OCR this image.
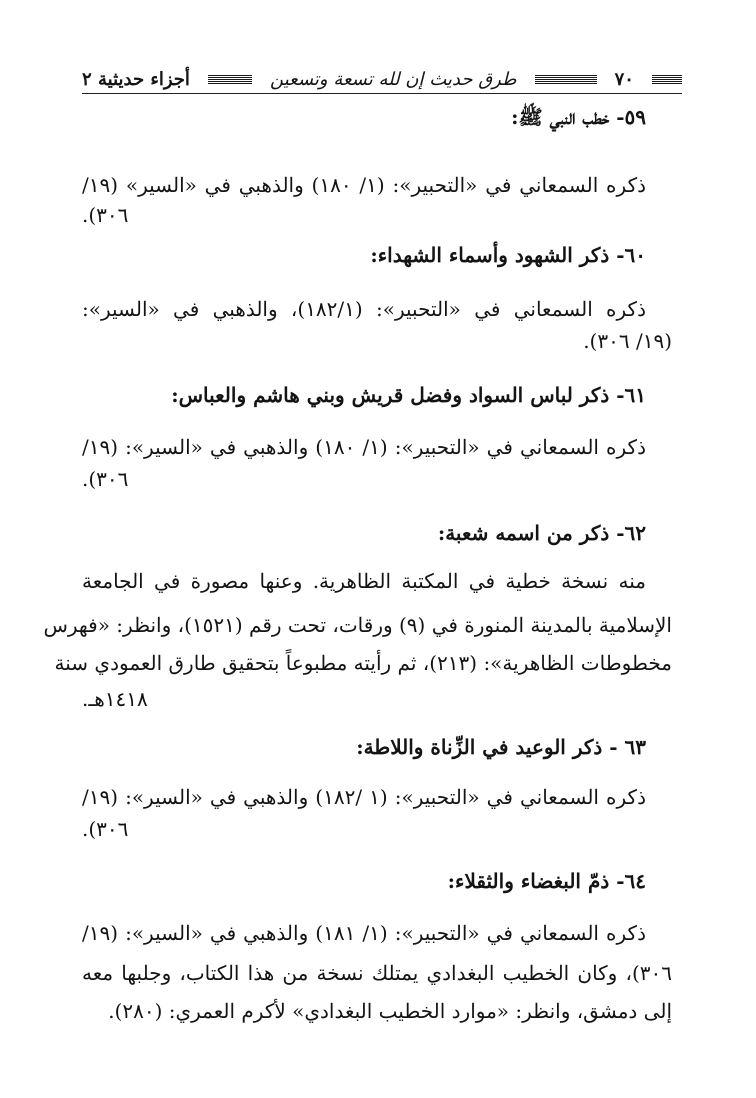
٧٠
طرق حديث إن لله تسعة وتسعين
أجزاء حديثية ٢
٥٩- خطب النبي ﷺ:
ذكره السمعاني في «التحبير»: (١/ ١٨٠) والذهبي في «السير» (١٩/
٣٠٦).
٦٠- ذكر الشهود وأسماء الشهداء:
ذكره السمعاني في «التحبير»: (١٨٢/١)، والذهبي في «السير»:
(١٩/ ٣٠٦).
٦١- ذكر لباس السواد وفضل قريش وبني هاشم والعباس:
ذكره السمعاني في «التحبير»: (١/ ١٨٠) والذهبي في «السير»: (١٩/
٣٠٦).
٦٢- ذكر من اسمه شعبة:
منه نسخة خطية في المكتبة الظاهرية. وعنها مصورة في الجامعة
الإسلامية بالمدينة المنورة في (٩) ورقات، تحت رقم (١٥٢١)، وانظر: «فهرس
مخطوطات الظاهرية»: (٢١٣)، ثم رأيته مطبوعاً بتحقيق طارق العمودي سنة
١٤١٨هـ.
٦٣ - ذكر الوعيد في الزِّناة واللاطة:
ذكره السمعاني في «التحبير»: (١ /١٨٢) والذهبي في «السير»: (١٩/
٣٠٦).
٦٤- ذمّ البغضاء والثقلاء:
ذكره السمعاني في «التحبير»: (١/ ١٨١) والذهبي في «السير»: (١٩/
٣٠٦)، وكان الخطيب البغدادي يمتلك نسخة من هذا الكتاب، وجلبها معه
إلى دمشق، وانظر: «موارد الخطيب البغدادي» لأكرم العمري: (٢٨٠).
